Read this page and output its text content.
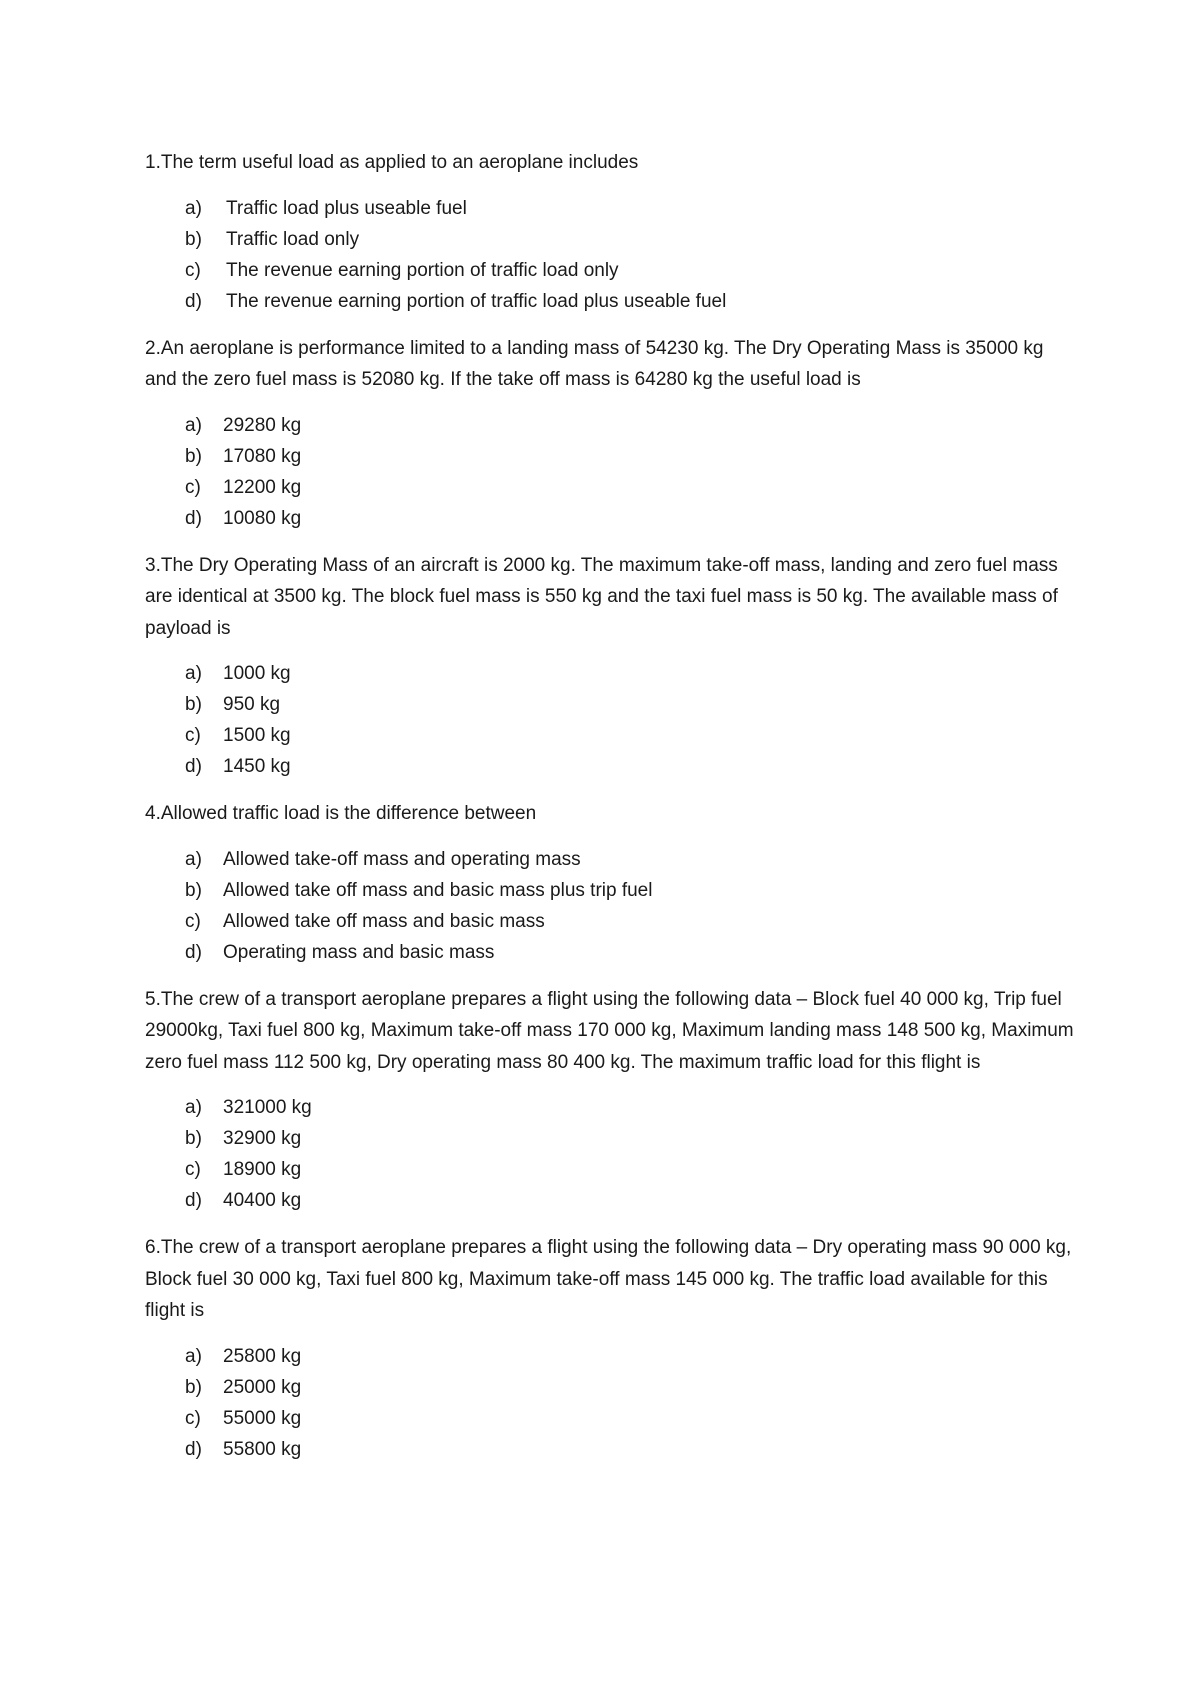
1.The term useful load as applied to an aeroplane includes

a) Traffic load plus useable fuel
b) Traffic load only
c) The revenue earning portion of traffic load only
d) The revenue earning portion of traffic load plus useable fuel

2.An aeroplane is performance limited to a landing mass of 54230 kg. The Dry Operating Mass is 35000 kg and the zero fuel mass is 52080 kg. If the take off mass is 64280 kg the useful load is

a) 29280 kg
b) 17080 kg
c) 12200 kg
d) 10080 kg

3.The Dry Operating Mass of an aircraft is 2000 kg. The maximum take-off mass, landing and zero fuel mass are identical at 3500 kg. The block fuel mass is 550 kg and the taxi fuel mass is 50 kg. The available mass of payload is

a) 1000 kg
b) 950 kg
c) 1500 kg
d) 1450 kg

4.Allowed traffic load is the difference between

a) Allowed take-off mass and operating mass
b) Allowed take off mass and basic mass plus trip fuel
c) Allowed take off mass and basic mass
d) Operating mass and basic mass

5.The crew of a transport aeroplane prepares a flight using the following data – Block fuel 40 000 kg, Trip fuel 29000kg, Taxi fuel 800 kg, Maximum take-off mass 170 000 kg, Maximum landing mass 148 500 kg, Maximum zero fuel mass 112 500 kg, Dry operating mass 80 400 kg. The maximum traffic load for this flight is

a) 321000 kg
b) 32900 kg
c) 18900 kg
d) 40400 kg

6.The crew of a transport aeroplane prepares a flight using the following data – Dry operating mass 90 000 kg, Block fuel 30 000 kg, Taxi fuel 800 kg, Maximum take-off mass 145 000 kg. The traffic load available for this flight is

a) 25800 kg
b) 25000 kg
c) 55000 kg
d) 55800 kg
